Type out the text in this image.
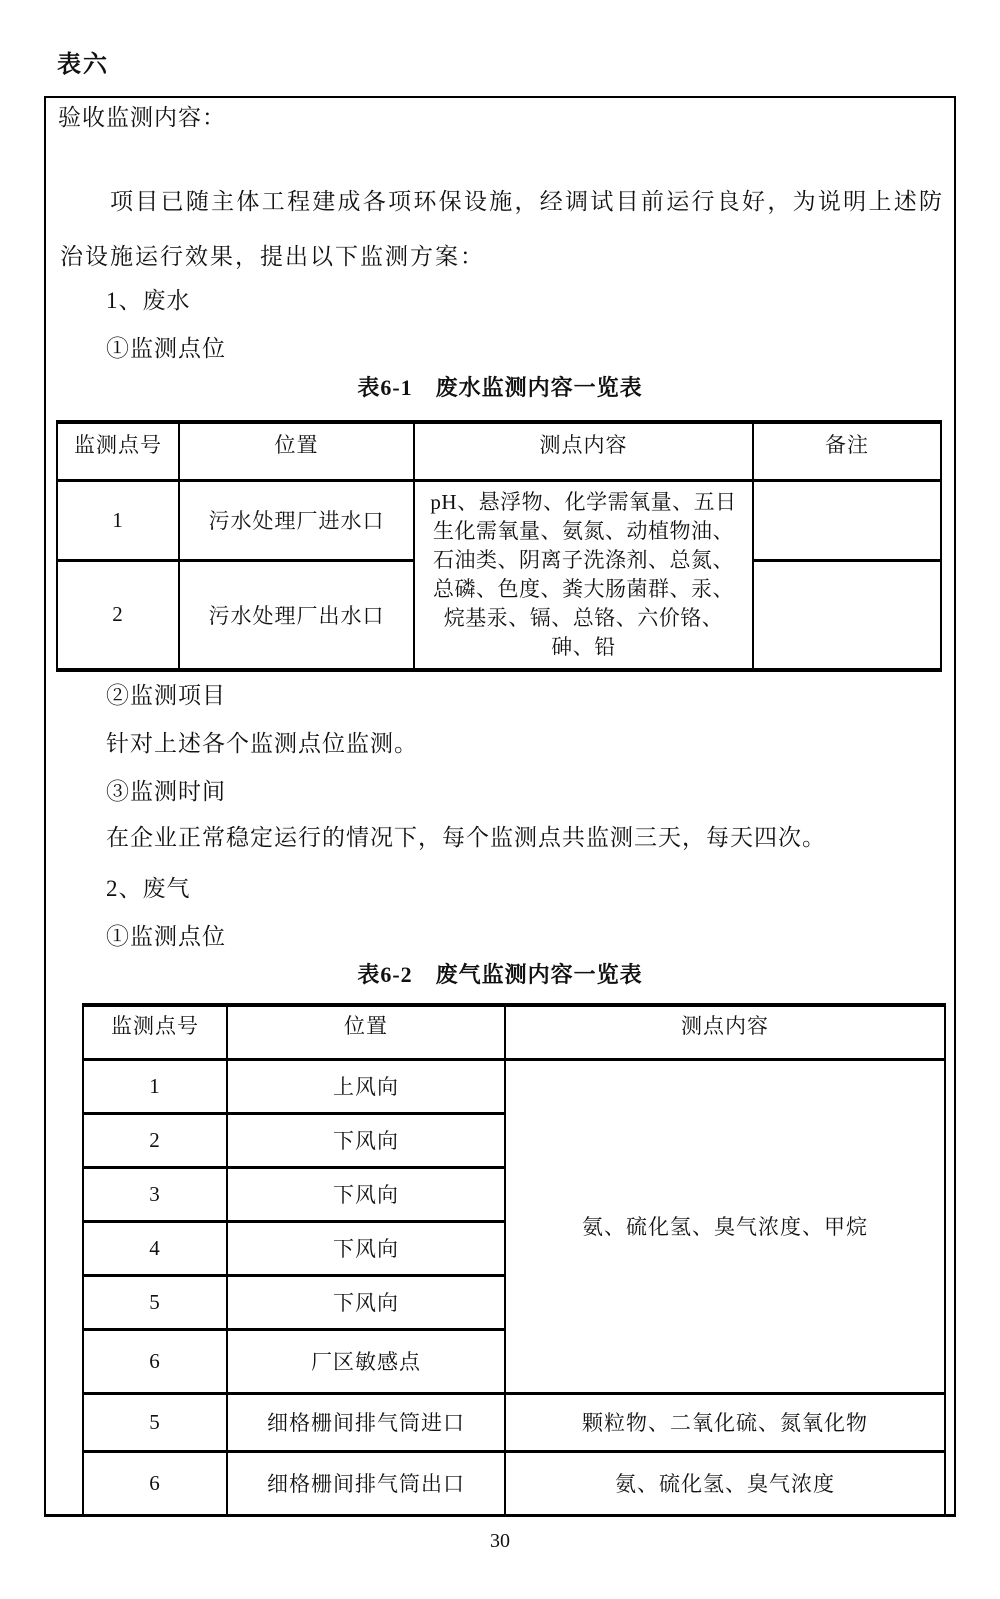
表六
验收监测内容：
项目已随主体工程建成各项环保设施，经调试目前运行良好，为说明上述防治设施运行效果，提出以下监测方案：
1、废水
①监测点位
表6-1　废水监测内容一览表
监测点号	位置	测点内容	备注
1	污水处理厂进水口	pH、悬浮物、化学需氧量、五日生化需氧量、氨氮、动植物油、石油类、阴离子洗涤剂、总氮、总磷、色度、粪大肠菌群、汞、烷基汞、镉、总铬、六价铬、砷、铅	
2	污水处理厂出水口		
②监测项目
针对上述各个监测点位监测。
③监测时间
在企业正常稳定运行的情况下，每个监测点共监测三天，每天四次。
2、废气
①监测点位
表6-2　废气监测内容一览表
监测点号	位置	测点内容
1	上风向	氨、硫化氢、臭气浓度、甲烷
2	下风向	
3	下风向	
4	下风向	
5	下风向	
6	厂区敏感点	
5	细格栅间排气筒进口	颗粒物、二氧化硫、氮氧化物
6	细格栅间排气筒出口	氨、硫化氢、臭气浓度
30
